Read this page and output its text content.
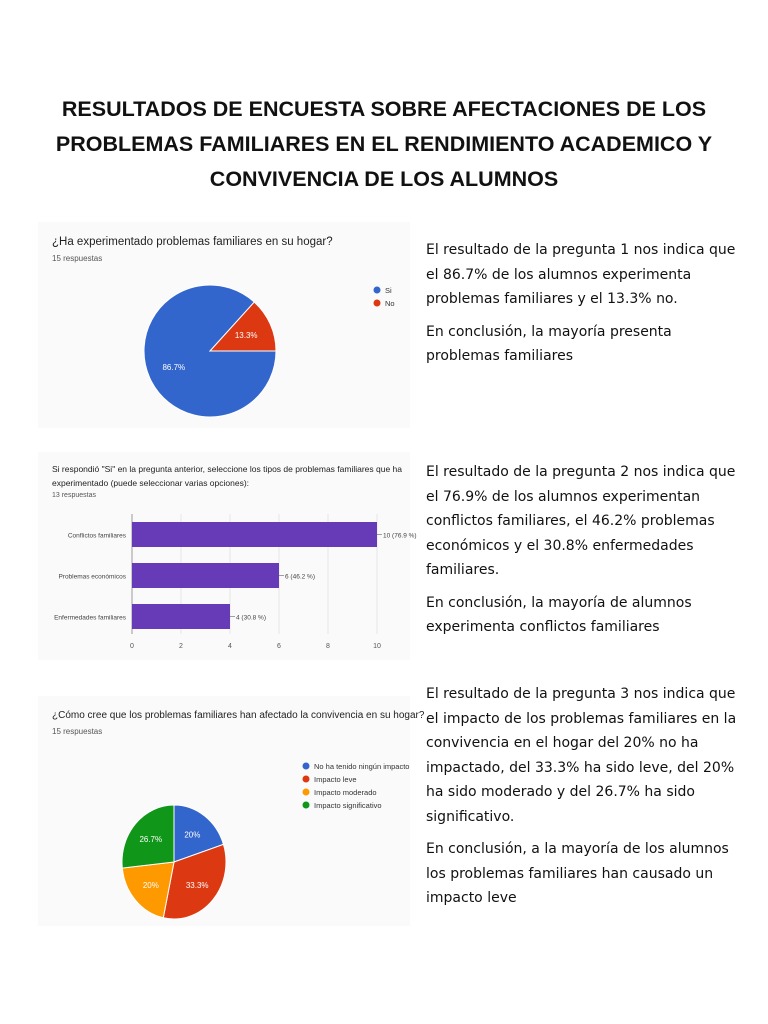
RESULTADOS DE ENCUESTA SOBRE AFECTACIONES DE LOS
PROBLEMAS FAMILIARES EN EL RENDIMIENTO ACADEMICO Y
CONVIVENCIA DE LOS ALUMNOS
¿Ha experimentado problemas familiares en su hogar?
15 respuestas
86.7%
13.3%
Si
No

El resultado de la pregunta 1 nos indica que el 86.7% de los alumnos experimenta problemas familiares y el 13.3% no.

En conclusión, la mayoría presenta problemas familiares

Si respondió "Si" en la pregunta anterior, seleccione los tipos de problemas familiares que ha
experimentado (puede seleccionar varias opciones):
13 respuestas
0	2	4	6	8	10
Conflictos familiares	10 (76.9 %)
Problemas económicos	6 (46.2 %)
Enfermedades familiares	4 (30.8 %)

El resultado de la pregunta 2 nos indica que el 76.9% de los alumnos experimentan conflictos familiares, el 46.2% problemas económicos y el 30.8% enfermedades familiares.

En conclusión, la mayoría de alumnos experimenta conflictos familiares

¿Cómo cree que los problemas familiares han afectado la convivencia en su hogar?
15 respuestas
20%
33.3%
20%
26.7%
No ha tenido ningún impacto
Impacto leve
Impacto moderado
Impacto significativo

El resultado de la pregunta 3 nos indica que el impacto de los problemas familiares en la convivencia en el hogar del 20% no ha impactado, del 33.3% ha sido leve, del 20% ha sido moderado y del 26.7% ha sido significativo.

En conclusión, a la mayoría de los alumnos los problemas familiares han causado un impacto leve
